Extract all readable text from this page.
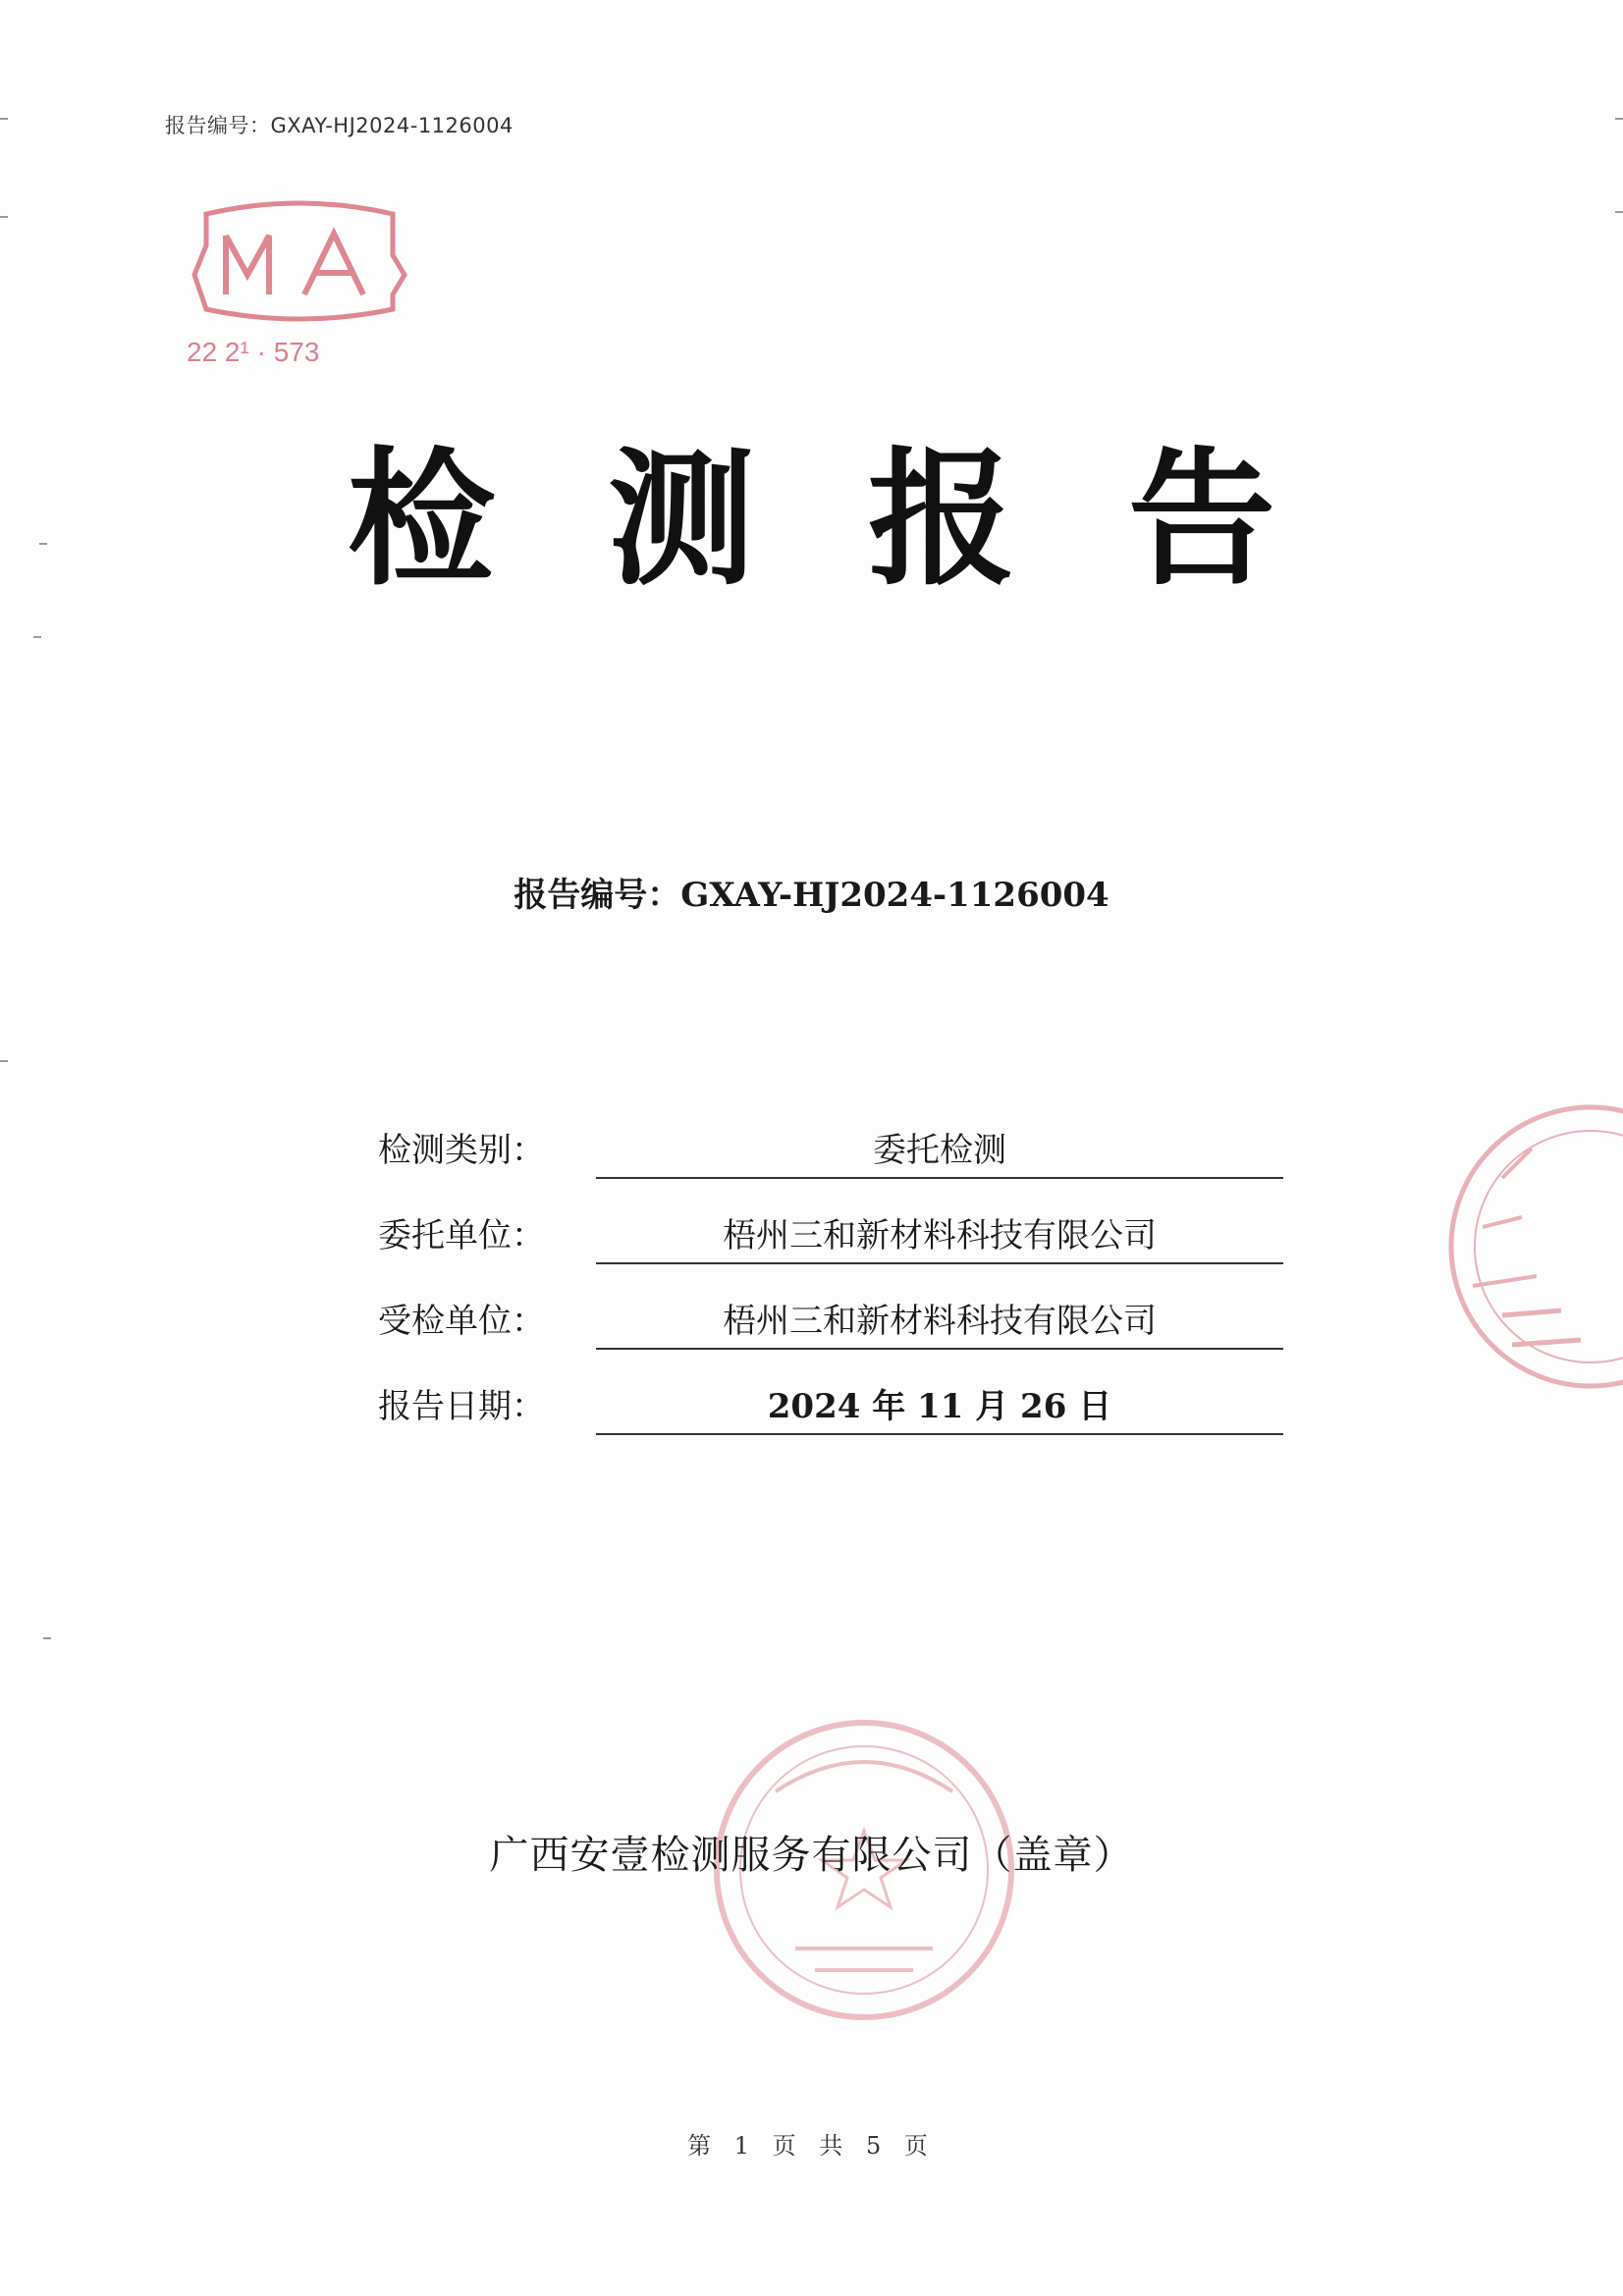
报告编号：GXAY-HJ2024-1126004
22 2¹ · 573
MA
检测报告
报告编号：GXAY-HJ2024-1126004
检测类别：	委托检测
委托单位：	梧州三和新材料科技有限公司
受检单位：	梧州三和新材料科技有限公司
报告日期：	2024 年 11 月 26 日
广西安壹检测服务有限公司（盖章）
第 1 页 共 5 页
